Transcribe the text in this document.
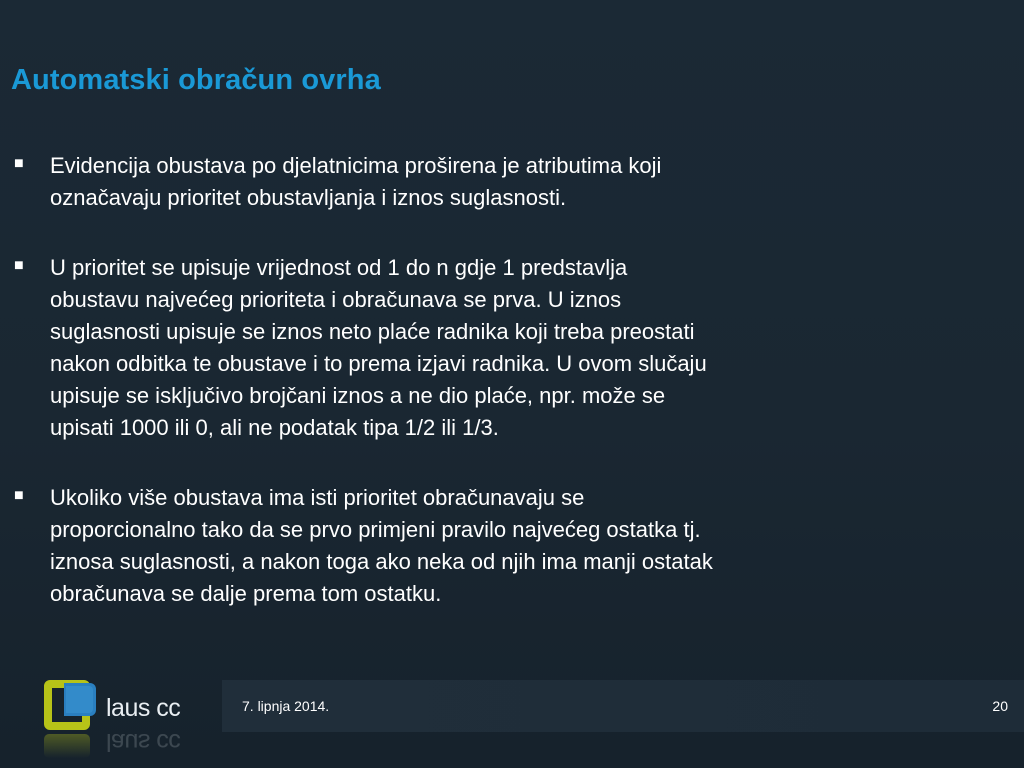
Automatski obračun ovrha
■ Evidencija obustava po djelatnicima proširena je atributima koji
označavaju prioritet obustavljanja i iznos suglasnosti.
■ U prioritet se upisuje vrijednost od 1 do n gdje 1 predstavlja
obustavu najvećeg prioriteta i obračunava se prva. U iznos
suglasnosti upisuje se iznos neto plaće radnika koji treba preostati
nakon odbitka te obustave i to prema izjavi radnika. U ovom slučaju
upisuje se isključivo brojčani iznos a ne dio plaće, npr. može se
upisati 1000 ili 0, ali ne podatak tipa 1/2 ili 1/3.
■ Ukoliko više obustava ima isti prioritet obračunavaju se
proporcionalno tako da se prvo primjeni pravilo najvećeg ostatka tj.
iznosa suglasnosti, a nakon toga ako neka od njih ima manji ostatak
obračunava se dalje prema tom ostatku.
laus cc
laus cc
7. lipnja 2014.	20
